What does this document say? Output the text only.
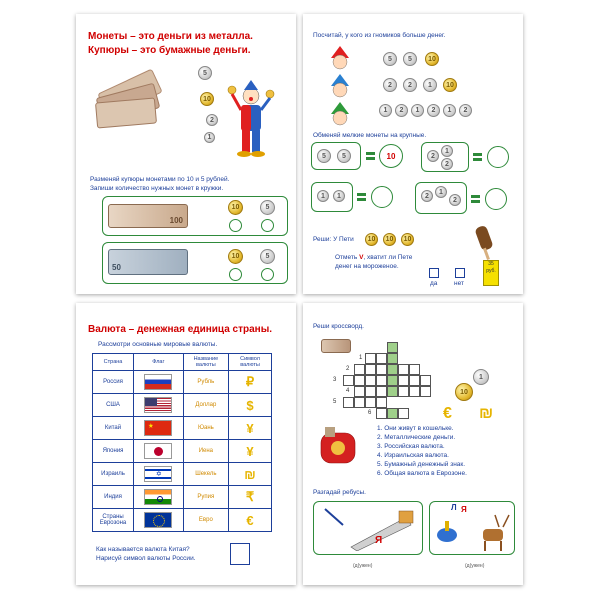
Монеты – это деньги из металла.
Купюры – это бумажные деньги.
5
10
2
1
Разменяй купюры монетами по 10 и 5 рублей.
Запиши количество нужных монет в кружки.
100
10	5
50
10	5
Посчитай, у кого из гномиков больше денег.
5	5	10
2	2	1	10
1	2	1	2	1	2
Обменяй мелкие монеты на крупные.
5	5	10	2
1
2
1	1	2
1
2
Реши: У Пети	10	10	10
Отметь V, хватит ли Пете
денег на мороженое.
да	нет
35
руб.
Валюта – денежная единица страны.
Рассмотри основные мировые валюты.
Страна	Флаг	Название валюты	Символ валюты
Россия		Рубль	₽
США		Доллар	$
Китай		Юань	¥
Япония		Иена	¥
Израиль	✡	Шекель	₪
Индия		Рупия	₹
Страны Еврозона		Евро	€
Как называется валюта Китая?
Нарисуй символ валюты России.
Реши кроссворд.
1
2
3
4
5
6
10
1
€ ₪
1. Они живут в кошельке.
2. Металлические деньги.
3. Российская валюта.
4. Израильская валюта.
5. Бумажный денежный знак.
6. Общая валюта в Еврозоне.
Разгадай ребусы.
Я
(д(ужен)
Л Я
(д(ужен)
